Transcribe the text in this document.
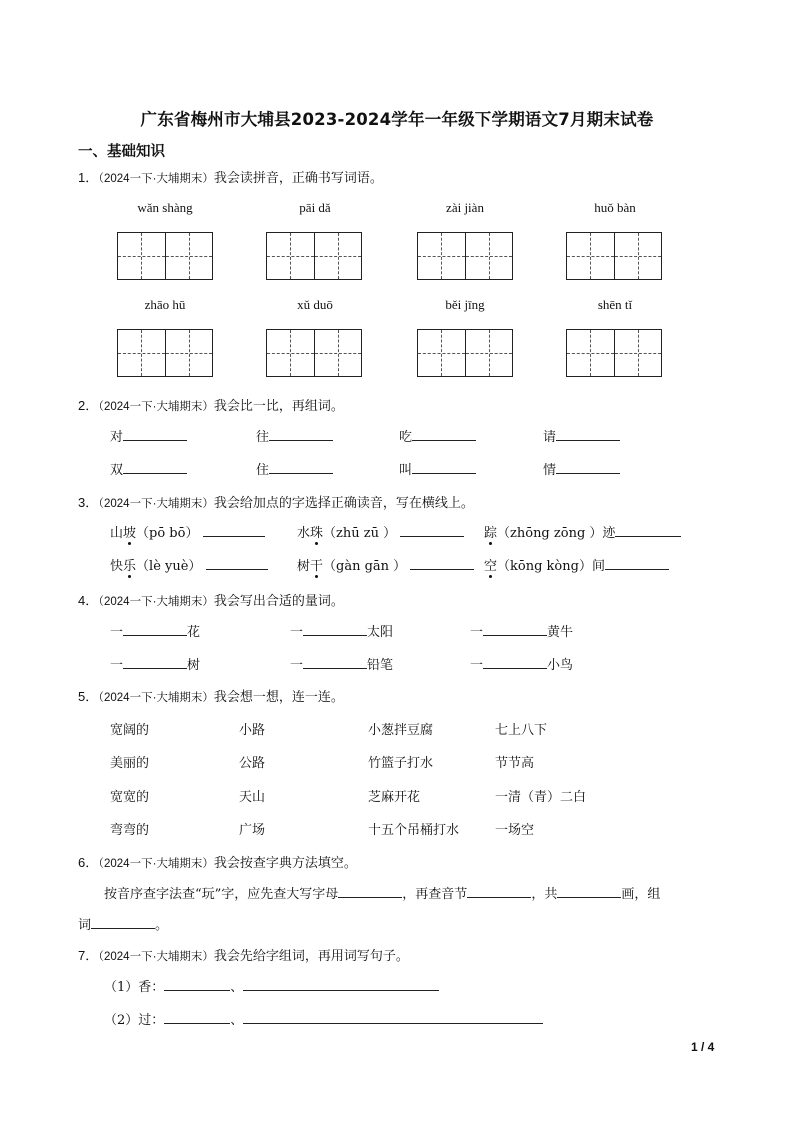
广东省梅州市大埔县2023-2024学年一年级下学期语文7月期末试卷
一、基础知识
1．（2024一下·大埔期末）我会读拼音，正确书写词语。
wǎn shàng	pāi dǎ	zài jiàn	huǒ bàn
zhāo hū	xǔ duō	běi jīng	shēn tǐ
2．（2024一下·大埔期末）我会比一比，再组词。
对	往	吃	请
双	住	叫	情
3．（2024一下·大埔期末）我会给加点的字选择正确读音，写在横线上。
山坡（pō bō）	水珠（zhū zū ）	踪（zhōng zōng ）迹
快乐（lè yuè）	树干（gàn gān ）	空（kōng kòng）间
4．（2024一下·大埔期末）我会写出合适的量词。
一	花	一	太阳	一	黄牛
一	树	一	铅笔	一	小鸟
5．（2024一下·大埔期末）我会想一想，连一连。
宽阔的	小路	小葱拌豆腐	七上八下
美丽的	公路	竹篮子打水	节节高
宽宽的	天山	芝麻开花	一清（青）二白
弯弯的	广场	十五个吊桶打水	一场空
6．（2024一下·大埔期末）我会按查字典方法填空。
按音序查字法查“玩”字，应先查大写字母	，再查音节	，共	画，组
词	。
7．（2024一下·大埔期末）我会先给字组词，再用词写句子。
（1）香：	、
（2）过：	、
1 / 4
